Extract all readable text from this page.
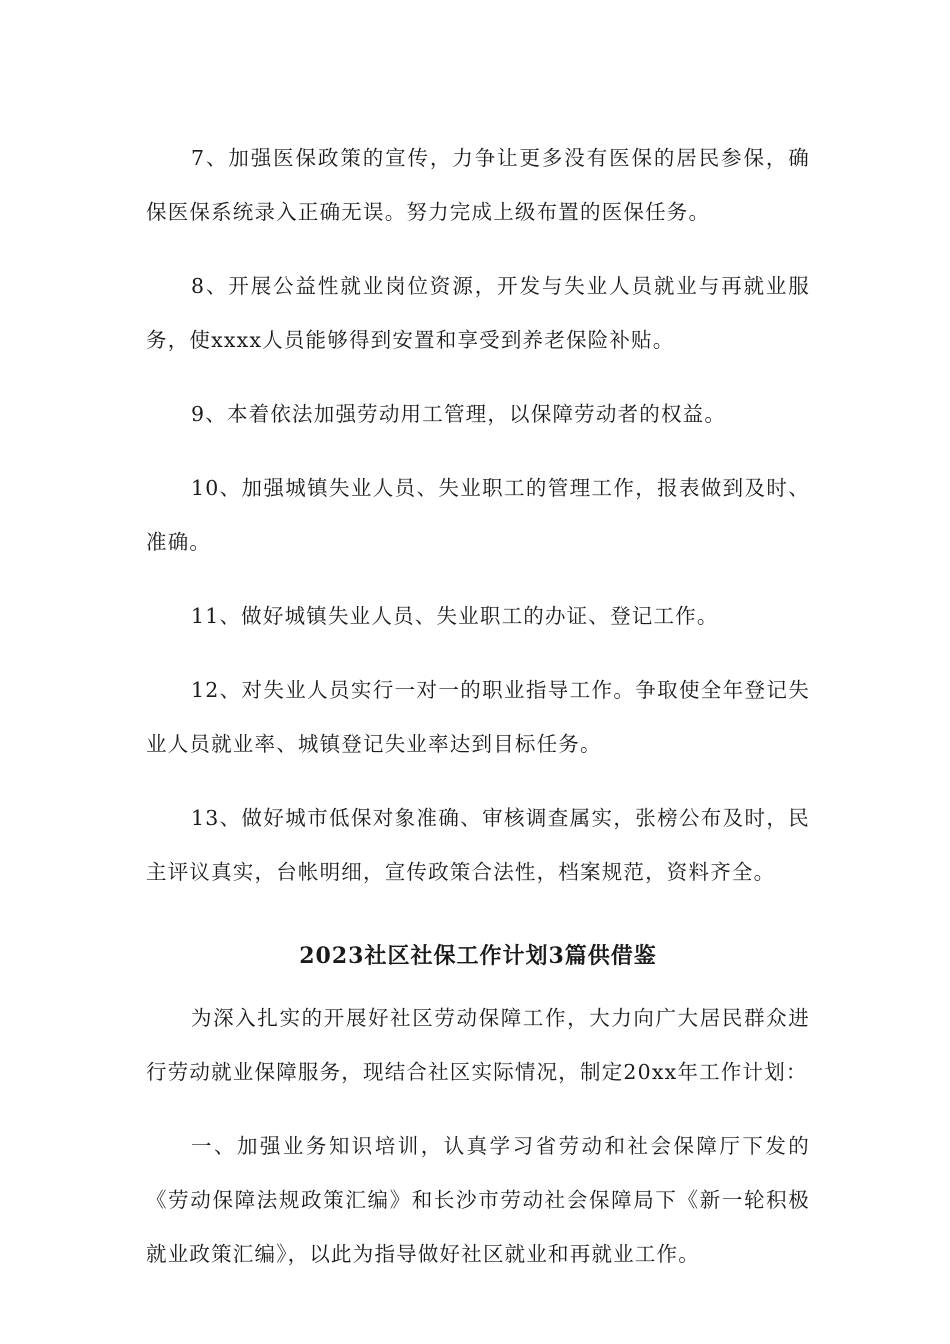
7、加强医保政策的宣传，力争让更多没有医保的居民参保，确保医保系统录入正确无误。努力完成上级布置的医保任务。

8、开展公益性就业岗位资源，开发与失业人员就业与再就业服务，使xxxx人员能够得到安置和享受到养老保险补贴。

9、本着依法加强劳动用工管理，以保障劳动者的权益。

10、加强城镇失业人员、失业职工的管理工作，报表做到及时、准确。

11、做好城镇失业人员、失业职工的办证、登记工作。

12、对失业人员实行一对一的职业指导工作。争取使全年登记失业人员就业率、城镇登记失业率达到目标任务。

13、做好城市低保对象准确、审核调查属实，张榜公布及时，民主评议真实，台帐明细，宣传政策合法性，档案规范，资料齐全。

2023社区社保工作计划3篇供借鉴

为深入扎实的开展好社区劳动保障工作，大力向广大居民群众进行劳动就业保障服务，现结合社区实际情况，制定20xx年工作计划：

一、加强业务知识培训，认真学习省劳动和社会保障厅下发的《劳动保障法规政策汇编》和长沙市劳动社会保障局下《新一轮积极就业政策汇编》，以此为指导做好社区就业和再就业工作。
